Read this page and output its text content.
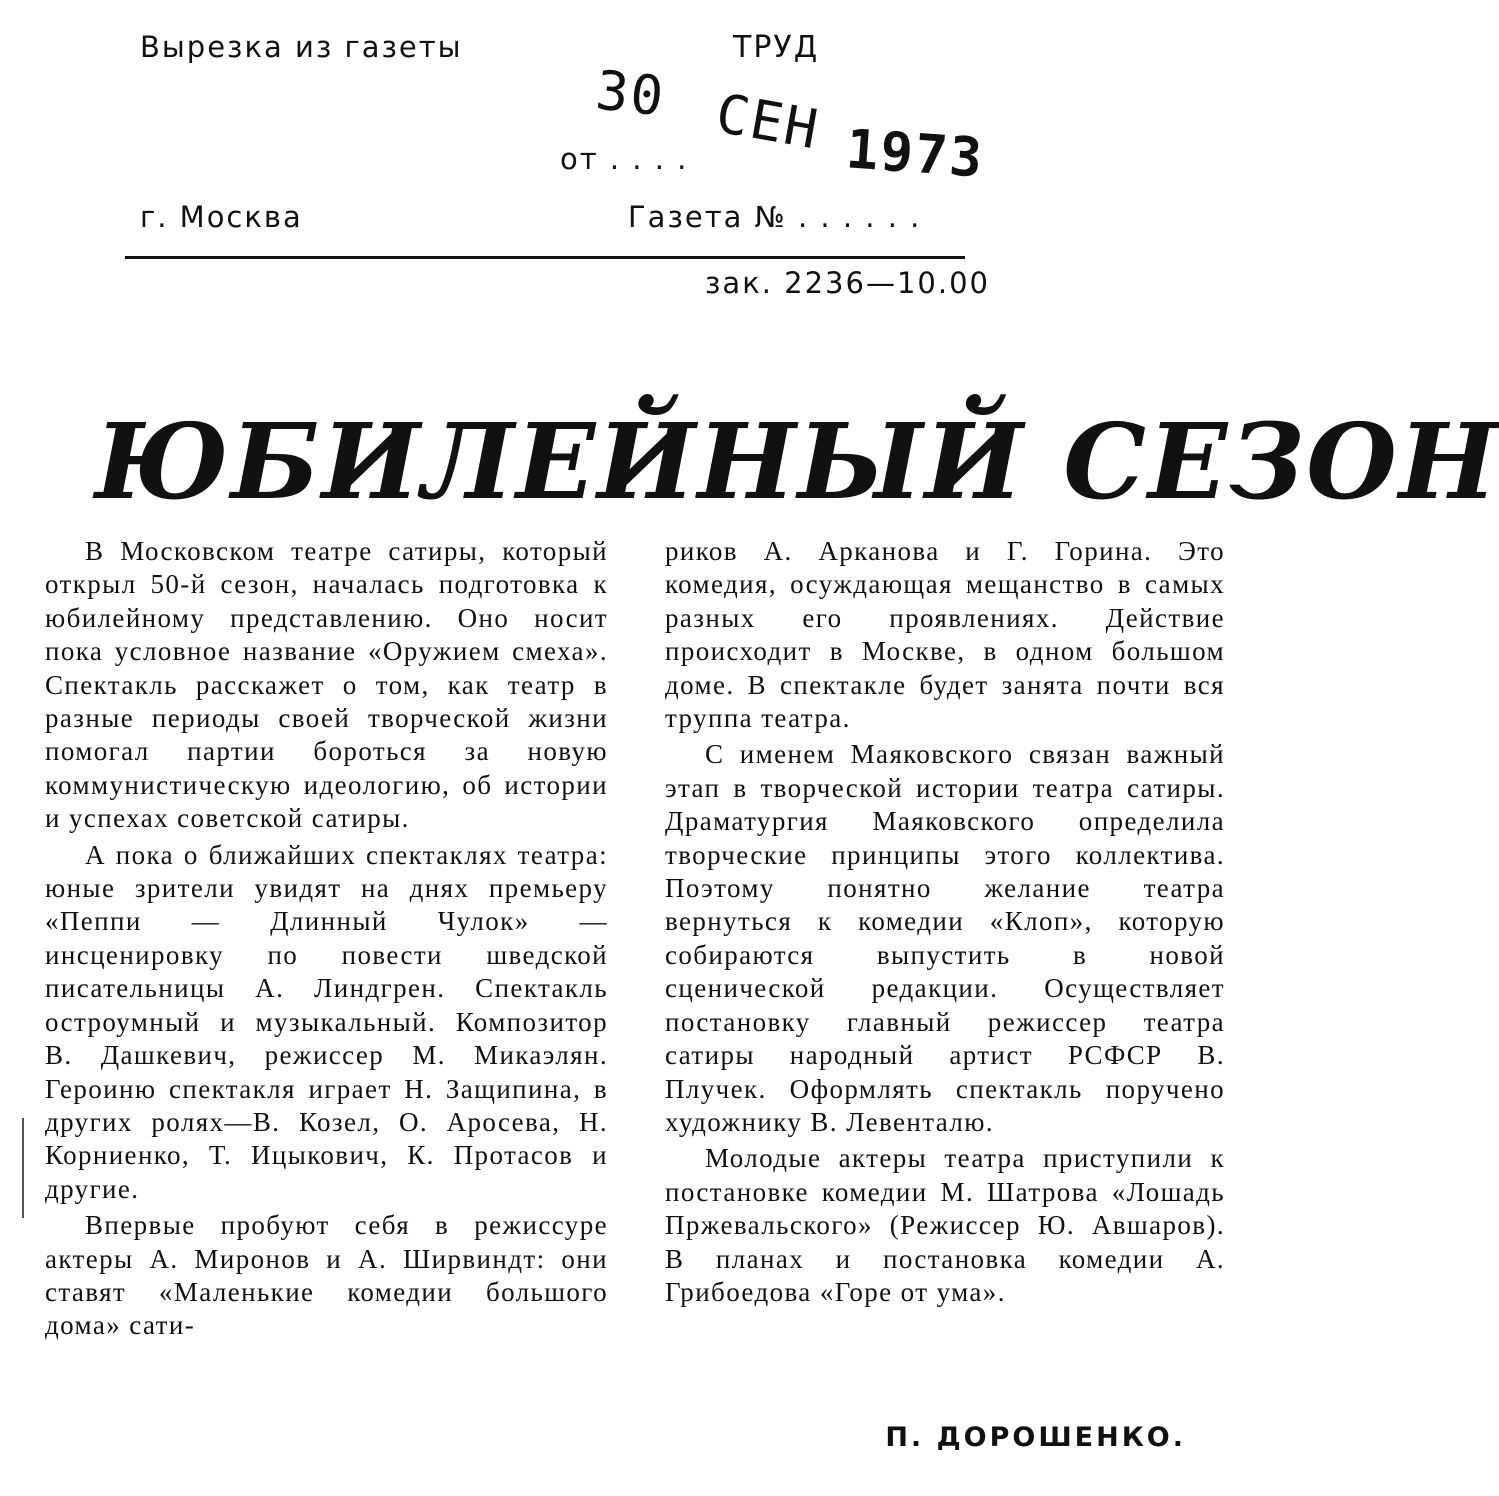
Вырезка из газеты	ТРУД
30 СЕН 1973
от . . . .
г. Москва	Газета № . . . . . .
зак. 2236—10.00
ЮБИЛЕЙНЫЙ СЕЗОН

В Московском театре сатиры, который открыл 50-й сезон, началась подготовка к юбилейному представлению. Оно носит пока условное название «Оружием смеха». Спектакль расскажет о том, как театр в разные периоды своей творческой жизни помогал партии бороться за новую коммунистическую идеологию, об истории и успехах советской сатиры.

А пока о ближайших спектаклях театра: юные зрители увидят на днях премьеру «Пеппи — Длинный Чулок» — инсценировку по повести шведской писательницы А. Линдгрен. Спектакль остроумный и музыкальный. Композитор В. Дашкевич, режиссер М. Микаэлян. Героиню спектакля играет Н. Защипина, в других ролях—В. Козел, О. Аросева, Н. Корниенко, Т. Ицыкович, К. Протасов и другие.

Впервые пробуют себя в режиссуре актеры А. Миронов и А. Ширвиндт: они ставят «Маленькие комедии большого дома» сати-

риков А. Арканова и Г. Горина. Это комедия, осуждающая мещанство в самых разных его проявлениях. Действие происходит в Москве, в одном большом доме. В спектакле будет занята почти вся труппа театра.

С именем Маяковского связан важный этап в творческой истории театра сатиры. Драматургия Маяковского определила творческие принципы этого коллектива. Поэтому понятно желание театра вернуться к комедии «Клоп», которую собираются выпустить в новой сценической редакции. Осуществляет постановку главный режиссер театра сатиры народный артист РСФСР В. Плучек. Оформлять спектакль поручено художнику В. Левенталю.

Молодые актеры театра приступили к постановке комедии М. Шатрова «Лошадь Пржевальского» (Режиссер Ю. Авшаров). В планах и постановка комедии А. Грибоедова «Горе от ума».

П. ДОРОШЕНКО.
